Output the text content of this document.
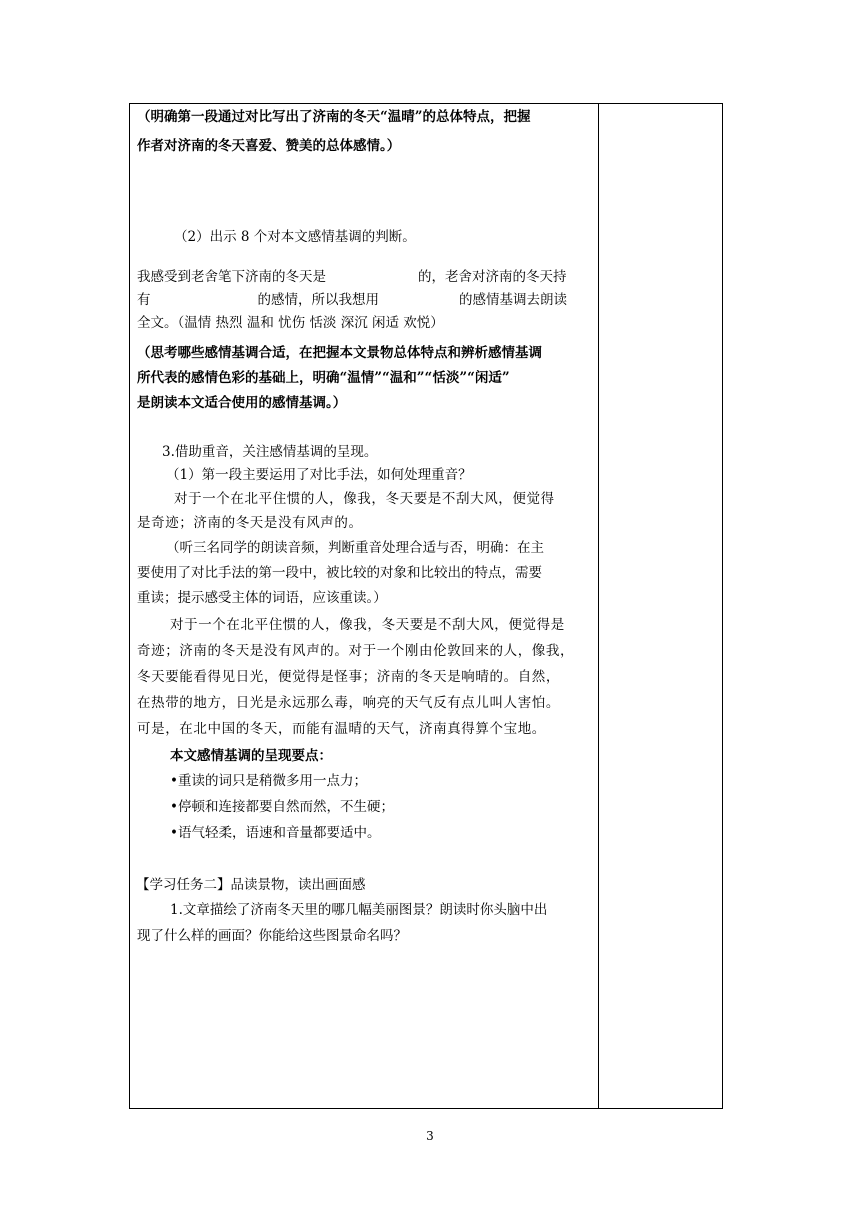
（明确第一段通过对比写出了济南的冬天“温晴”的总体特点，把握
作者对济南的冬天喜爱、赞美的总体感情。）
（2）出示 8 个对本文感情基调的判断。
我感受到老舍笔下济南的冬天是	的，老舍对济南的冬天持
有	的感情，所以我想用	的感情基调去朗读
全文。（温情 热烈 温和 忧伤 恬淡 深沉 闲适 欢悦）
（思考哪些感情基调合适，在把握本文景物总体特点和辨析感情基调
所代表的感情色彩的基础上，明确“温情”“温和”“恬淡”“闲适”
是朗读本文适合使用的感情基调。）
3.借助重音，关注感情基调的呈现。
（1）第一段主要运用了对比手法，如何处理重音？
对于一个在北平住惯的人，像我，冬天要是不刮大风，便觉得
是奇迹；济南的冬天是没有风声的。
（听三名同学的朗读音频，判断重音处理合适与否，明确：在主
要使用了对比手法的第一段中，被比较的对象和比较出的特点，需要
重读；提示感受主体的词语，应该重读。）
对于一个在北平住惯的人，像我，冬天要是不刮大风，便觉得是
奇迹；济南的冬天是没有风声的。对于一个刚由伦敦回来的人，像我，
冬天要能看得见日光，便觉得是怪事；济南的冬天是响晴的。自然，
在热带的地方，日光是永远那么毒，响亮的天气反有点儿叫人害怕。
可是，在北中国的冬天，而能有温晴的天气，济南真得算个宝地。
本文感情基调的呈现要点：
•重读的词只是稍微多用一点力；
•停顿和连接都要自然而然，不生硬；
•语气轻柔，语速和音量都要适中。
【学习任务二】品读景物，读出画面感
1.文章描绘了济南冬天里的哪几幅美丽图景？朗读时你头脑中出
现了什么样的画面？你能给这些图景命名吗？
3
